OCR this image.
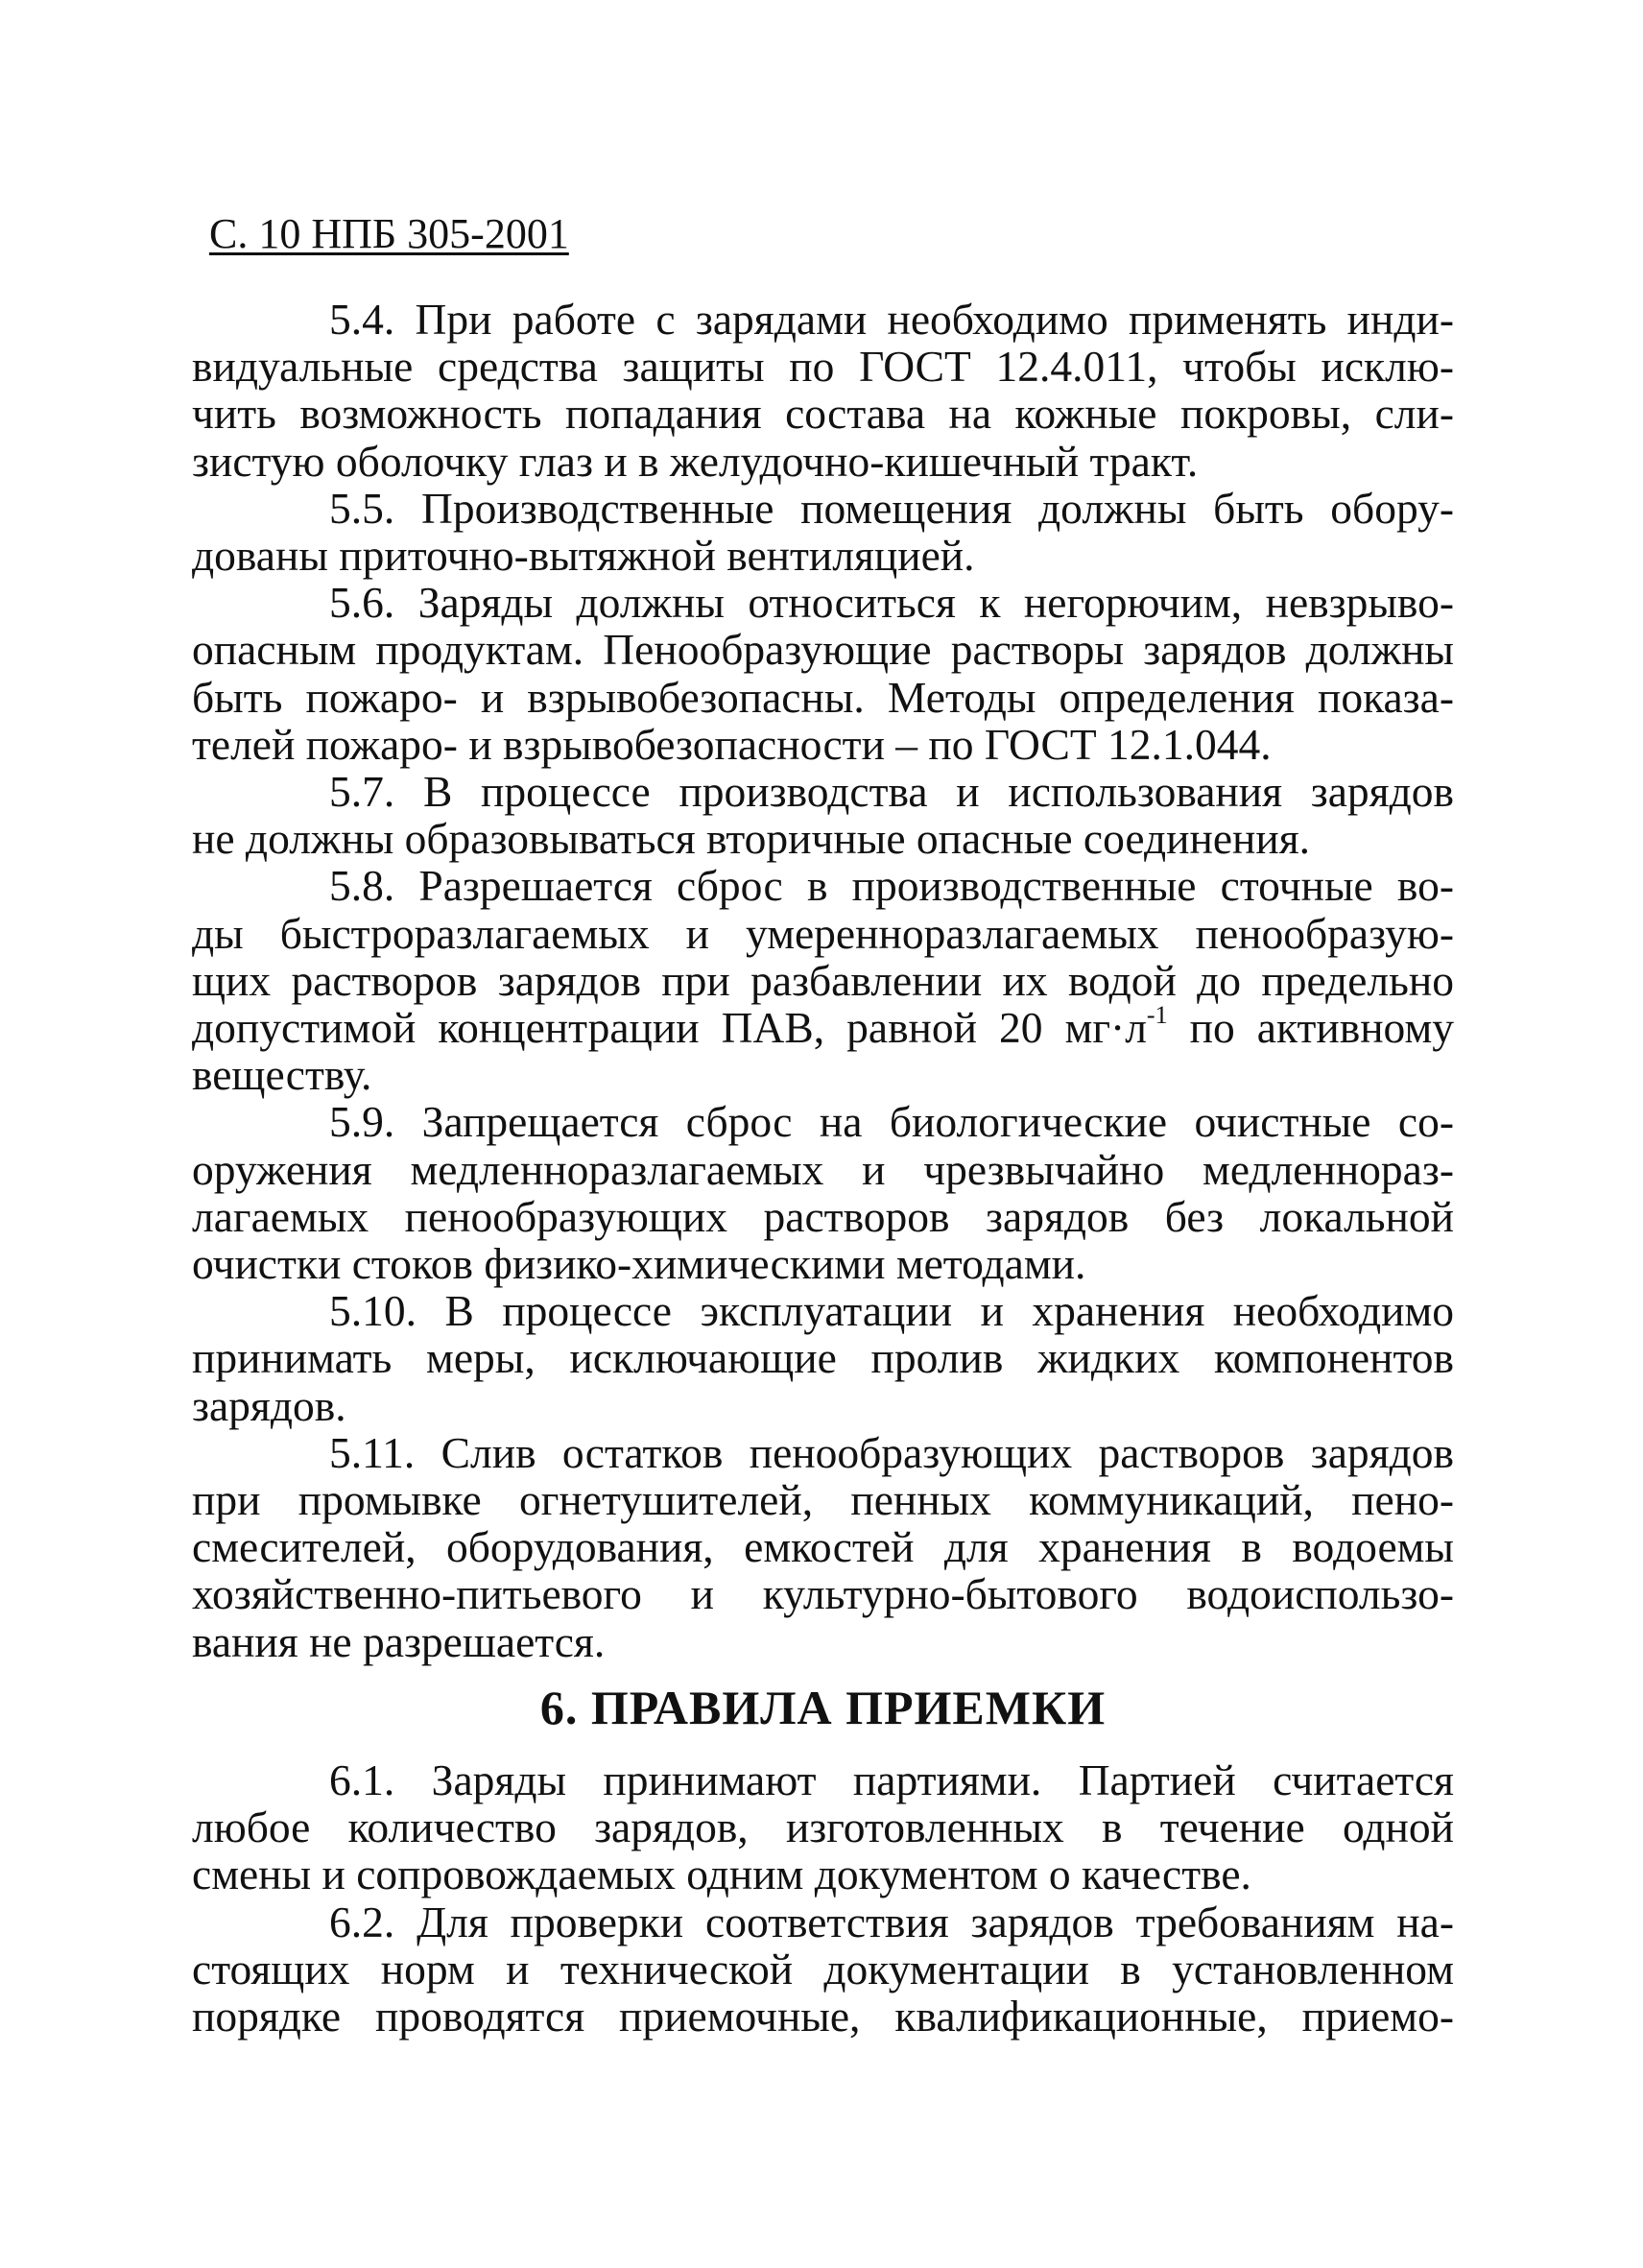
С. 10 НПБ 305-2001
5.4. При работе с зарядами необходимо применять инди-
видуальные средства защиты по ГОСТ 12.4.011, чтобы исклю-
чить возможность попадания состава на кожные покровы, сли-
зистую оболочку глаз и в желудочно-кишечный тракт.
5.5. Производственные помещения должны быть обору-
дованы приточно-вытяжной вентиляцией.
5.6. Заряды должны относиться к негорючим, невзрыво-
опасным продуктам. Пенообразующие растворы зарядов должны
быть пожаро- и взрывобезопасны. Методы определения показа-
телей пожаро- и взрывобезопасности – по ГОСТ 12.1.044.
5.7. В процессе производства и использования зарядов
не должны образовываться вторичные опасные соединения.
5.8. Разрешается сброс в производственные сточные во-
ды быстроразлагаемых и умеренноразлагаемых пенообразую-
щих растворов зарядов при разбавлении их водой до предельно
допустимой концентрации ПАВ, равной 20 $мг\cdot л^{-1}$ по активному
веществу.
5.9. Запрещается сброс на биологические очистные со-
оружения медленноразлагаемых и чрезвычайно медленнораз-
лагаемых пенообразующих растворов зарядов без локальной
очистки стоков физико-химическими методами.
5.10. В процессе эксплуатации и хранения необходимо
принимать меры, исключающие пролив жидких компонентов
зарядов.
5.11. Слив остатков пенообразующих растворов зарядов
при промывке огнетушителей, пенных коммуникаций, пено-
смесителей, оборудования, емкостей для хранения в водоемы
хозяйственно-питьевого и культурно-бытового водоиспользо-
вания не разрешается.
6. ПРАВИЛА ПРИЕМКИ
6.1. Заряды принимают партиями. Партией считается
любое количество зарядов, изготовленных в течение одной
смены и сопровождаемых одним документом о качестве.
6.2. Для проверки соответствия зарядов требованиям на-
стоящих норм и технической документации в установленном
порядке проводятся приемочные, квалификационные, приемо-
